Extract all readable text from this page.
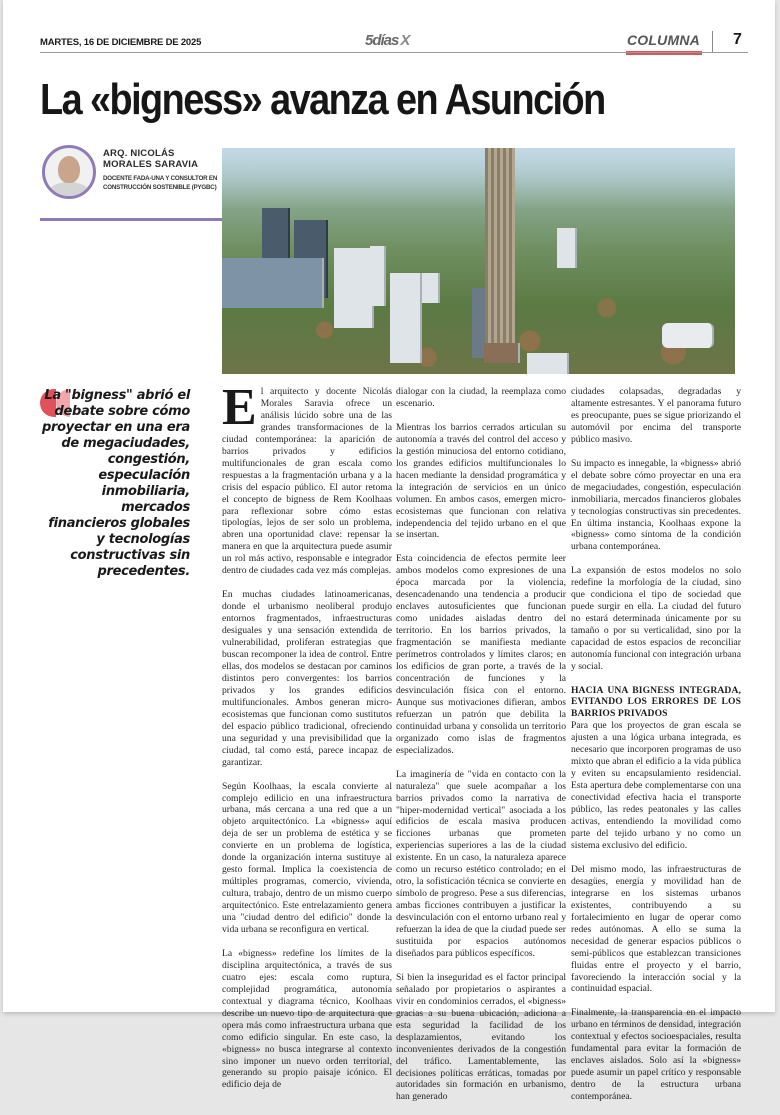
MARTES, 16 DE DICIEMBRE DE 2025	5días X	COLUMNA 7
La «bigness» avanza en Asunción
ARQ. NICOLÁS
MORALES SARAVIA
DOCENTE FADA-UNA Y CONSULTOR EN CONSTRUCCIÓN SOSTENIBLE (PYGBC)
La "bigness" abrió el debate sobre cómo proyectar en una era de megaciudades, congestión, especulación inmobiliaria, mercados financieros globales y tecnologías constructivas sin precedentes.

El arquitecto y docente Nicolás Morales Saravia ofrece un análisis lúcido sobre una de las grandes transformaciones de la ciudad contemporánea: la aparición de barrios privados y edificios multifuncionales de gran escala como respuestas a la fragmentación urbana y a la crisis del espacio público. El autor retoma el concepto de bigness de Rem Koolhaas para reflexionar sobre cómo estas tipologías, lejos de ser solo un problema, abren una oportunidad clave: repensar la manera en que la arquitectura puede asumir un rol más activo, responsable e integrador dentro de ciudades cada vez más complejas.

En muchas ciudades latinoamericanas, donde el urbanismo neoliberal produjo entornos fragmentados, infraestructuras desiguales y una sensación extendida de vulnerabilidad, proliferan estrategias que buscan recomponer la idea de control. Entre ellas, dos modelos se destacan por caminos distintos pero convergentes: los barrios privados y los grandes edificios multifuncionales. Ambos generan micro-ecosistemas que funcionan como sustitutos del espacio público tradicional, ofreciendo una seguridad y una previsibilidad que la ciudad, tal como está, parece incapaz de garantizar.

Según Koolhaas, la escala convierte al complejo edilicio en una infraestructura urbana, más cercana a una red que a un objeto arquitectónico. La «bigness» aquí deja de ser un problema de estética y se convierte en un problema de logística, donde la organización interna sustituye al gesto formal. Implica la coexistencia de múltiples programas, comercio, vivienda, cultura, trabajo, dentro de un mismo cuerpo arquitectónico. Este entrelazamiento genera una "ciudad dentro del edificio" donde la vida urbana se reconfigura en vertical.

La «bigness» redefine los límites de la disciplina arquitectónica, a través de sus cuatro ejes: escala como ruptura, complejidad programática, autonomía contextual y diagrama técnico, Koolhaas describe un nuevo tipo de arquitectura que opera más como infraestructura urbana que como edificio singular. En este caso, la «bigness» no busca integrarse al contexto sino imponer un nuevo orden territorial, generando su propio paisaje icónico. El edificio deja de

dialogar con la ciudad, la reemplaza como escenario.

Mientras los barrios cerrados articulan su autonomía a través del control del acceso y la gestión minuciosa del entorno cotidiano, los grandes edificios multifuncionales lo hacen mediante la densidad programática y la integración de servicios en un único volumen. En ambos casos, emergen micro-ecosistemas que funcionan con relativa independencia del tejido urbano en el que se insertan.

Esta coincidencia de efectos permite leer ambos modelos como expresiones de una época marcada por la violencia, desencadenando una tendencia a producir enclaves autosuficientes que funcionan como unidades aisladas dentro del territorio. En los barrios privados, la fragmentación se manifiesta mediante perímetros controlados y límites claros; en los edificios de gran porte, a través de la concentración de funciones y la desvinculación física con el entorno. Aunque sus motivaciones difieran, ambos refuerzan un patrón que debilita la continuidad urbana y consolida un territorio organizado como islas de fragmentos especializados.

La imaginería de "vida en contacto con la naturaleza" que suele acompañar a los barrios privados como la narrativa de "hiper-modernidad vertical" asociada a los edificios de escala masiva producen ficciones urbanas que prometen experiencias superiores a las de la ciudad existente. En un caso, la naturaleza aparece como un recurso estético controlado; en el otro, la sofisticación técnica se convierte en símbolo de progreso. Pese a sus diferencias, ambas ficciones contribuyen a justificar la desvinculación con el entorno urbano real y refuerzan la idea de que la ciudad puede ser sustituida por espacios autónomos diseñados para públicos específicos.

Si bien la inseguridad es el factor principal señalado por propietarios o aspirantes a vivir en condominios cerrados, el «bigness» gracias a su buena ubicación, adiciona a esta seguridad la facilidad de los desplazamientos, evitando los inconvenientes derivados de la congestión del tráfico. Lamentablemente, las decisiones políticas erráticas, tomadas por autoridades sin formación en urbanismo, han generado

ciudades colapsadas, degradadas y altamente estresantes. Y el panorama futuro es preocupante, pues se sigue priorizando el automóvil por encima del transporte público masivo.

Su impacto es innegable, la «bigness» abrió el debate sobre cómo proyectar en una era de megaciudades, congestión, especulación inmobiliaria, mercados financieros globales y tecnologías constructivas sin precedentes. En última instancia, Koolhaas expone la «bigness» como síntoma de la condición urbana contemporánea.

La expansión de estos modelos no solo redefine la morfología de la ciudad, sino que condiciona el tipo de sociedad que puede surgir en ella. La ciudad del futuro no estará determinada únicamente por su tamaño o por su verticalidad, sino por la capacidad de estos espacios de reconciliar autonomía funcional con integración urbana y social.

HACIA UNA BIGNESS INTEGRADA, EVITANDO LOS ERRORES DE LOS BARRIOS PRIVADOS

Para que los proyectos de gran escala se ajusten a una lógica urbana integrada, es necesario que incorporen programas de uso mixto que abran el edificio a la vida pública y eviten su encapsulamiento residencial. Esta apertura debe complementarse con una conectividad efectiva hacia el transporte público, las redes peatonales y las calles activas, entendiendo la movilidad como parte del tejido urbano y no como un sistema exclusivo del edificio.

Del mismo modo, las infraestructuras de desagües, energía y movilidad han de integrarse en los sistemas urbanos existentes, contribuyendo a su fortalecimiento en lugar de operar como redes autónomas. A ello se suma la necesidad de generar espacios públicos o semi-públicos que establezcan transiciones fluidas entre el proyecto y el barrio, favoreciendo la interacción social y la continuidad espacial.

Finalmente, la transparencia en el impacto urbano en términos de densidad, integración contextual y efectos socioespaciales, resulta fundamental para evitar la formación de enclaves aislados. Solo así la «bigness» puede asumir un papel crítico y responsable dentro de la estructura urbana contemporánea.
